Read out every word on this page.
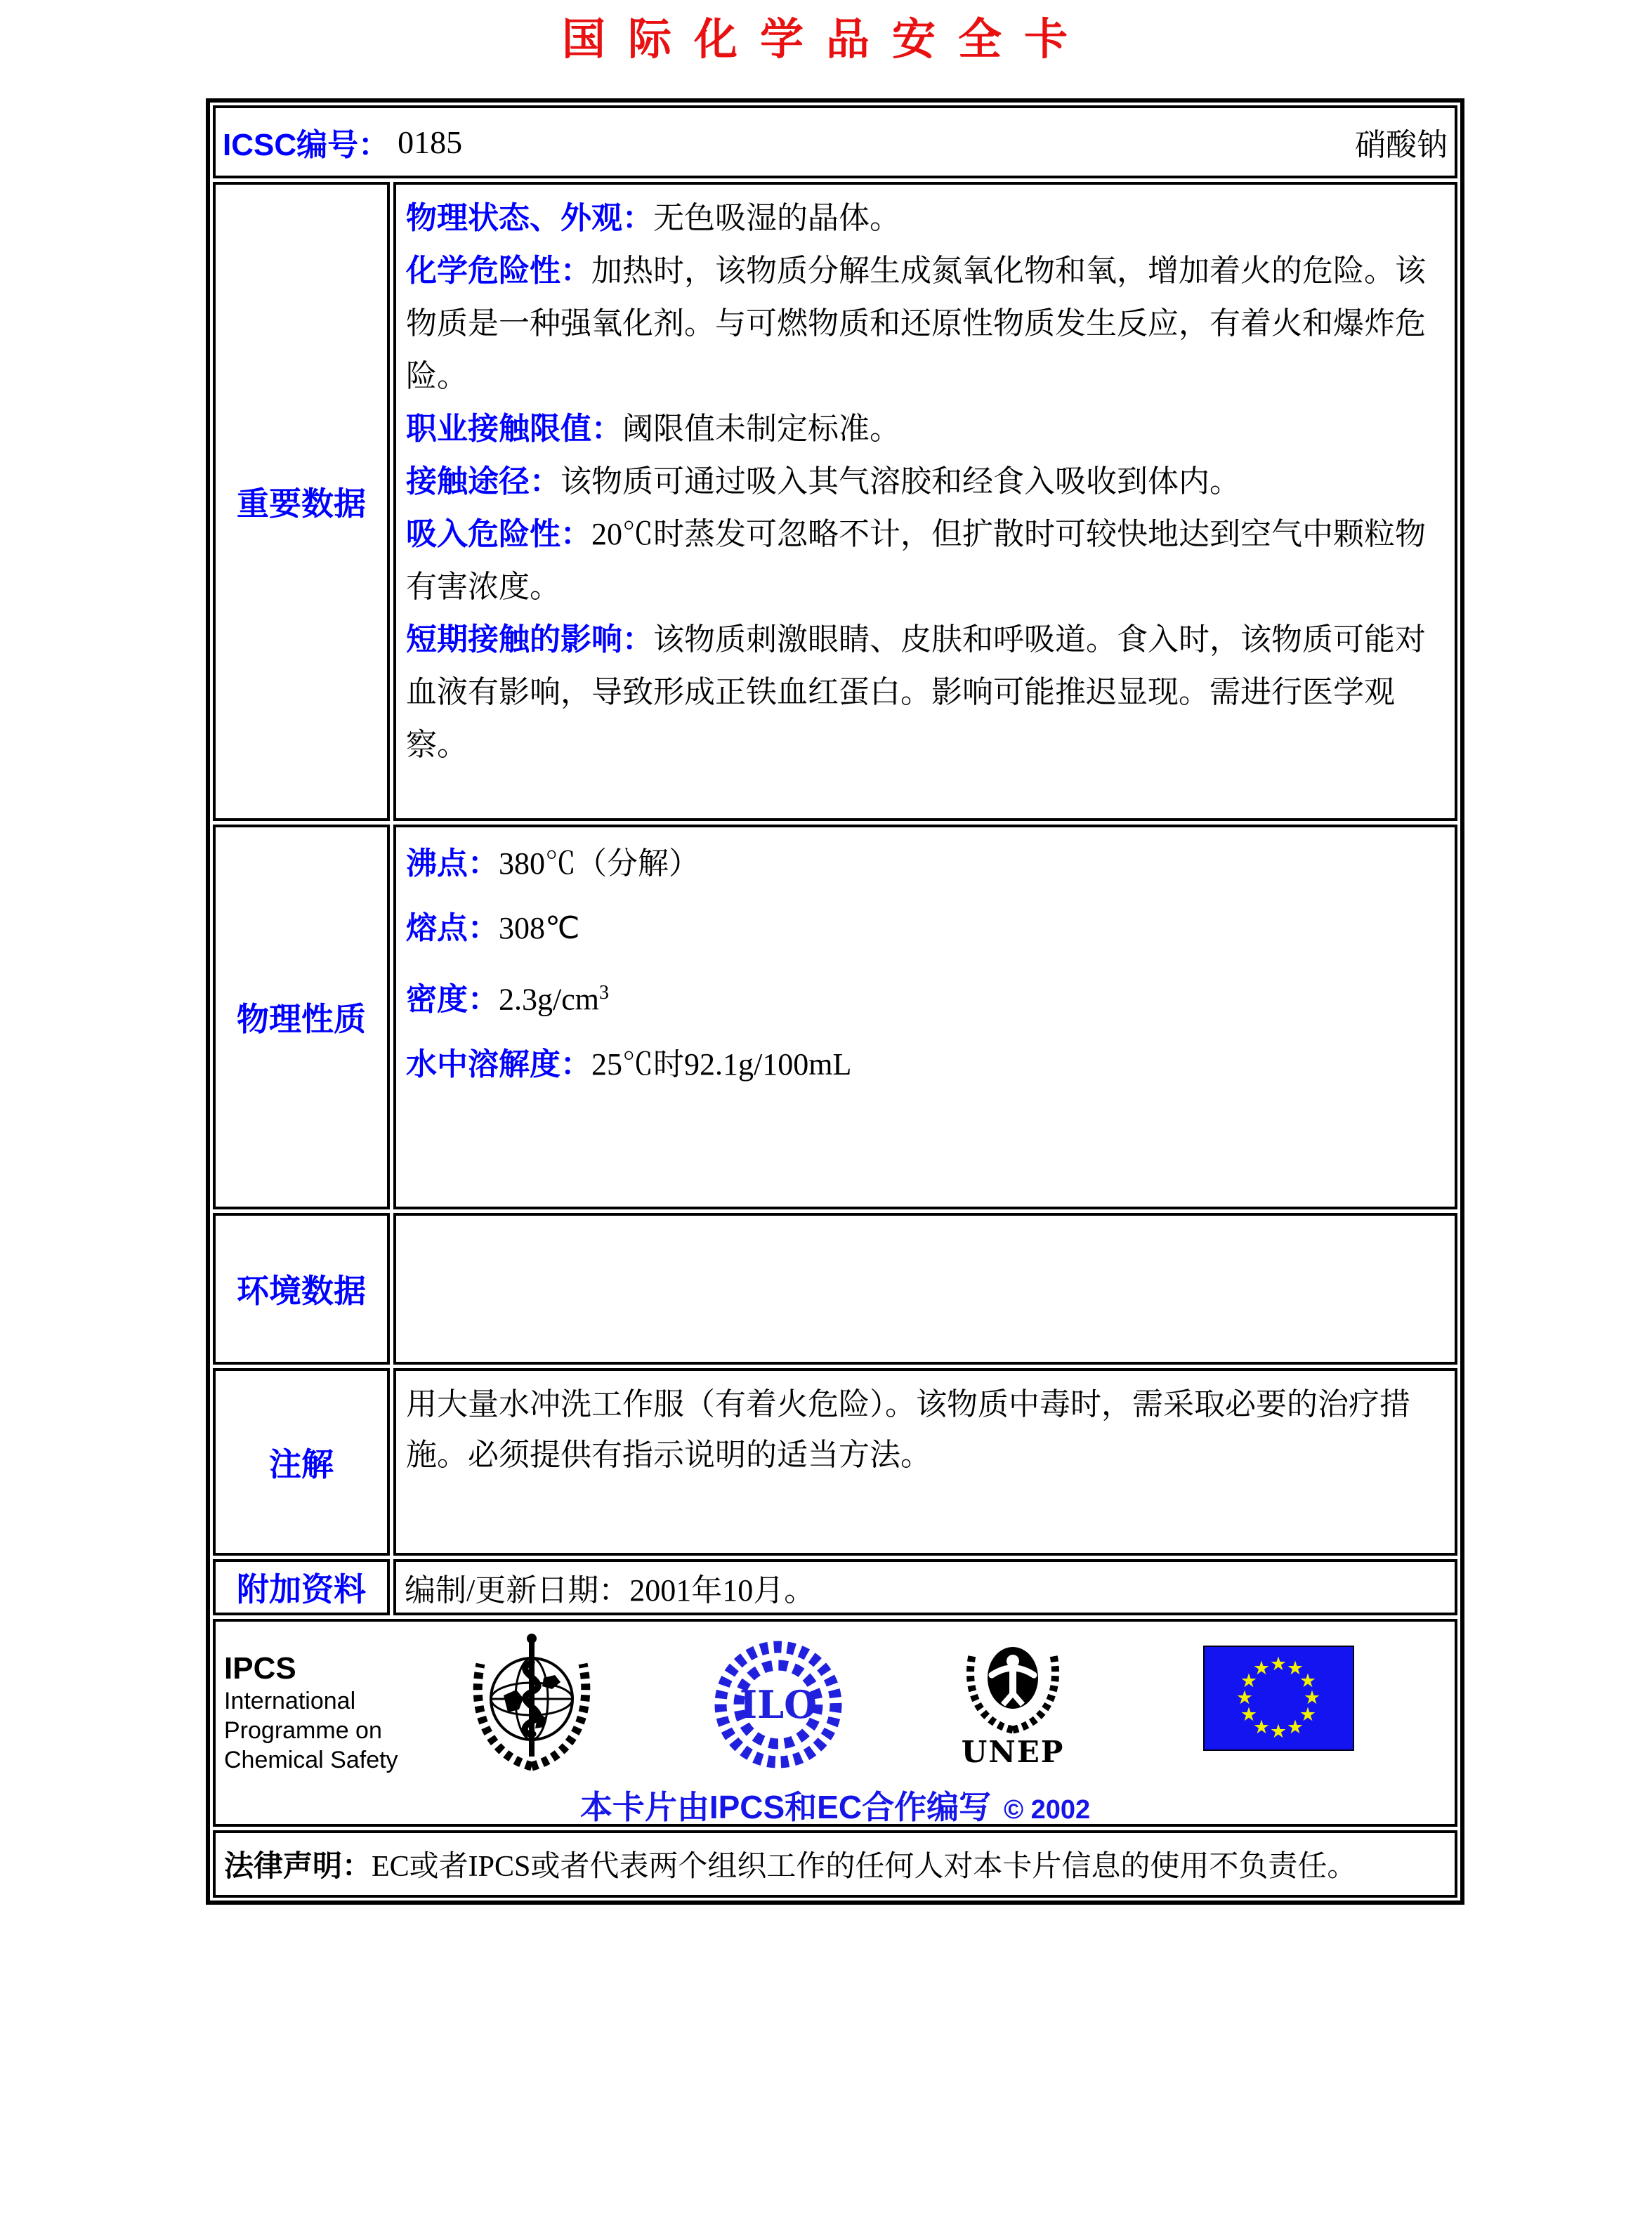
国际化学品安全卡
ICSC编号： 0185	硝酸钠
重要数据

物理状态、外观：无色吸湿的晶体。

化学危险性：加热时，该物质分解生成氮氧化物和氧，增加着火的危险。该物质是一种强氧化剂。与可燃物质和还原性物质发生反应，有着火和爆炸危险。

职业接触限值：阈限值未制定标准。

接触途径：该物质可通过吸入其气溶胶和经食入吸收到体内。

吸入危险性：20℃时蒸发可忽略不计，但扩散时可较快地达到空气中颗粒物有害浓度。

短期接触的影响：该物质刺激眼睛、皮肤和呼吸道。食入时，该物质可能对血液有影响，导致形成正铁血红蛋白。影响可能推迟显现。需进行医学观察。

物理性质

沸点：380℃（分解）

熔点：308℃

密度：$2.3g/cm^3$

水中溶解度：25℃时92.1g/100mL

环境数据

注解

用大量水冲洗工作服（有着火危险）。该物质中毒时，需采取必要的治疗措施。必须提供有指示说明的适当方法。

附加资料 编制/更新日期：2001年10月。
IPCS
International
Programme on
Chemical Safety
ILO
UNEP
★ ★
★
★
★
★
★
★
★
★
★
★
本卡片由IPCS和EC合作编写 © 2002
法律声明： EC或者IPCS或者代表两个组织工作的任何人对本卡片信息的使用不负责任。
